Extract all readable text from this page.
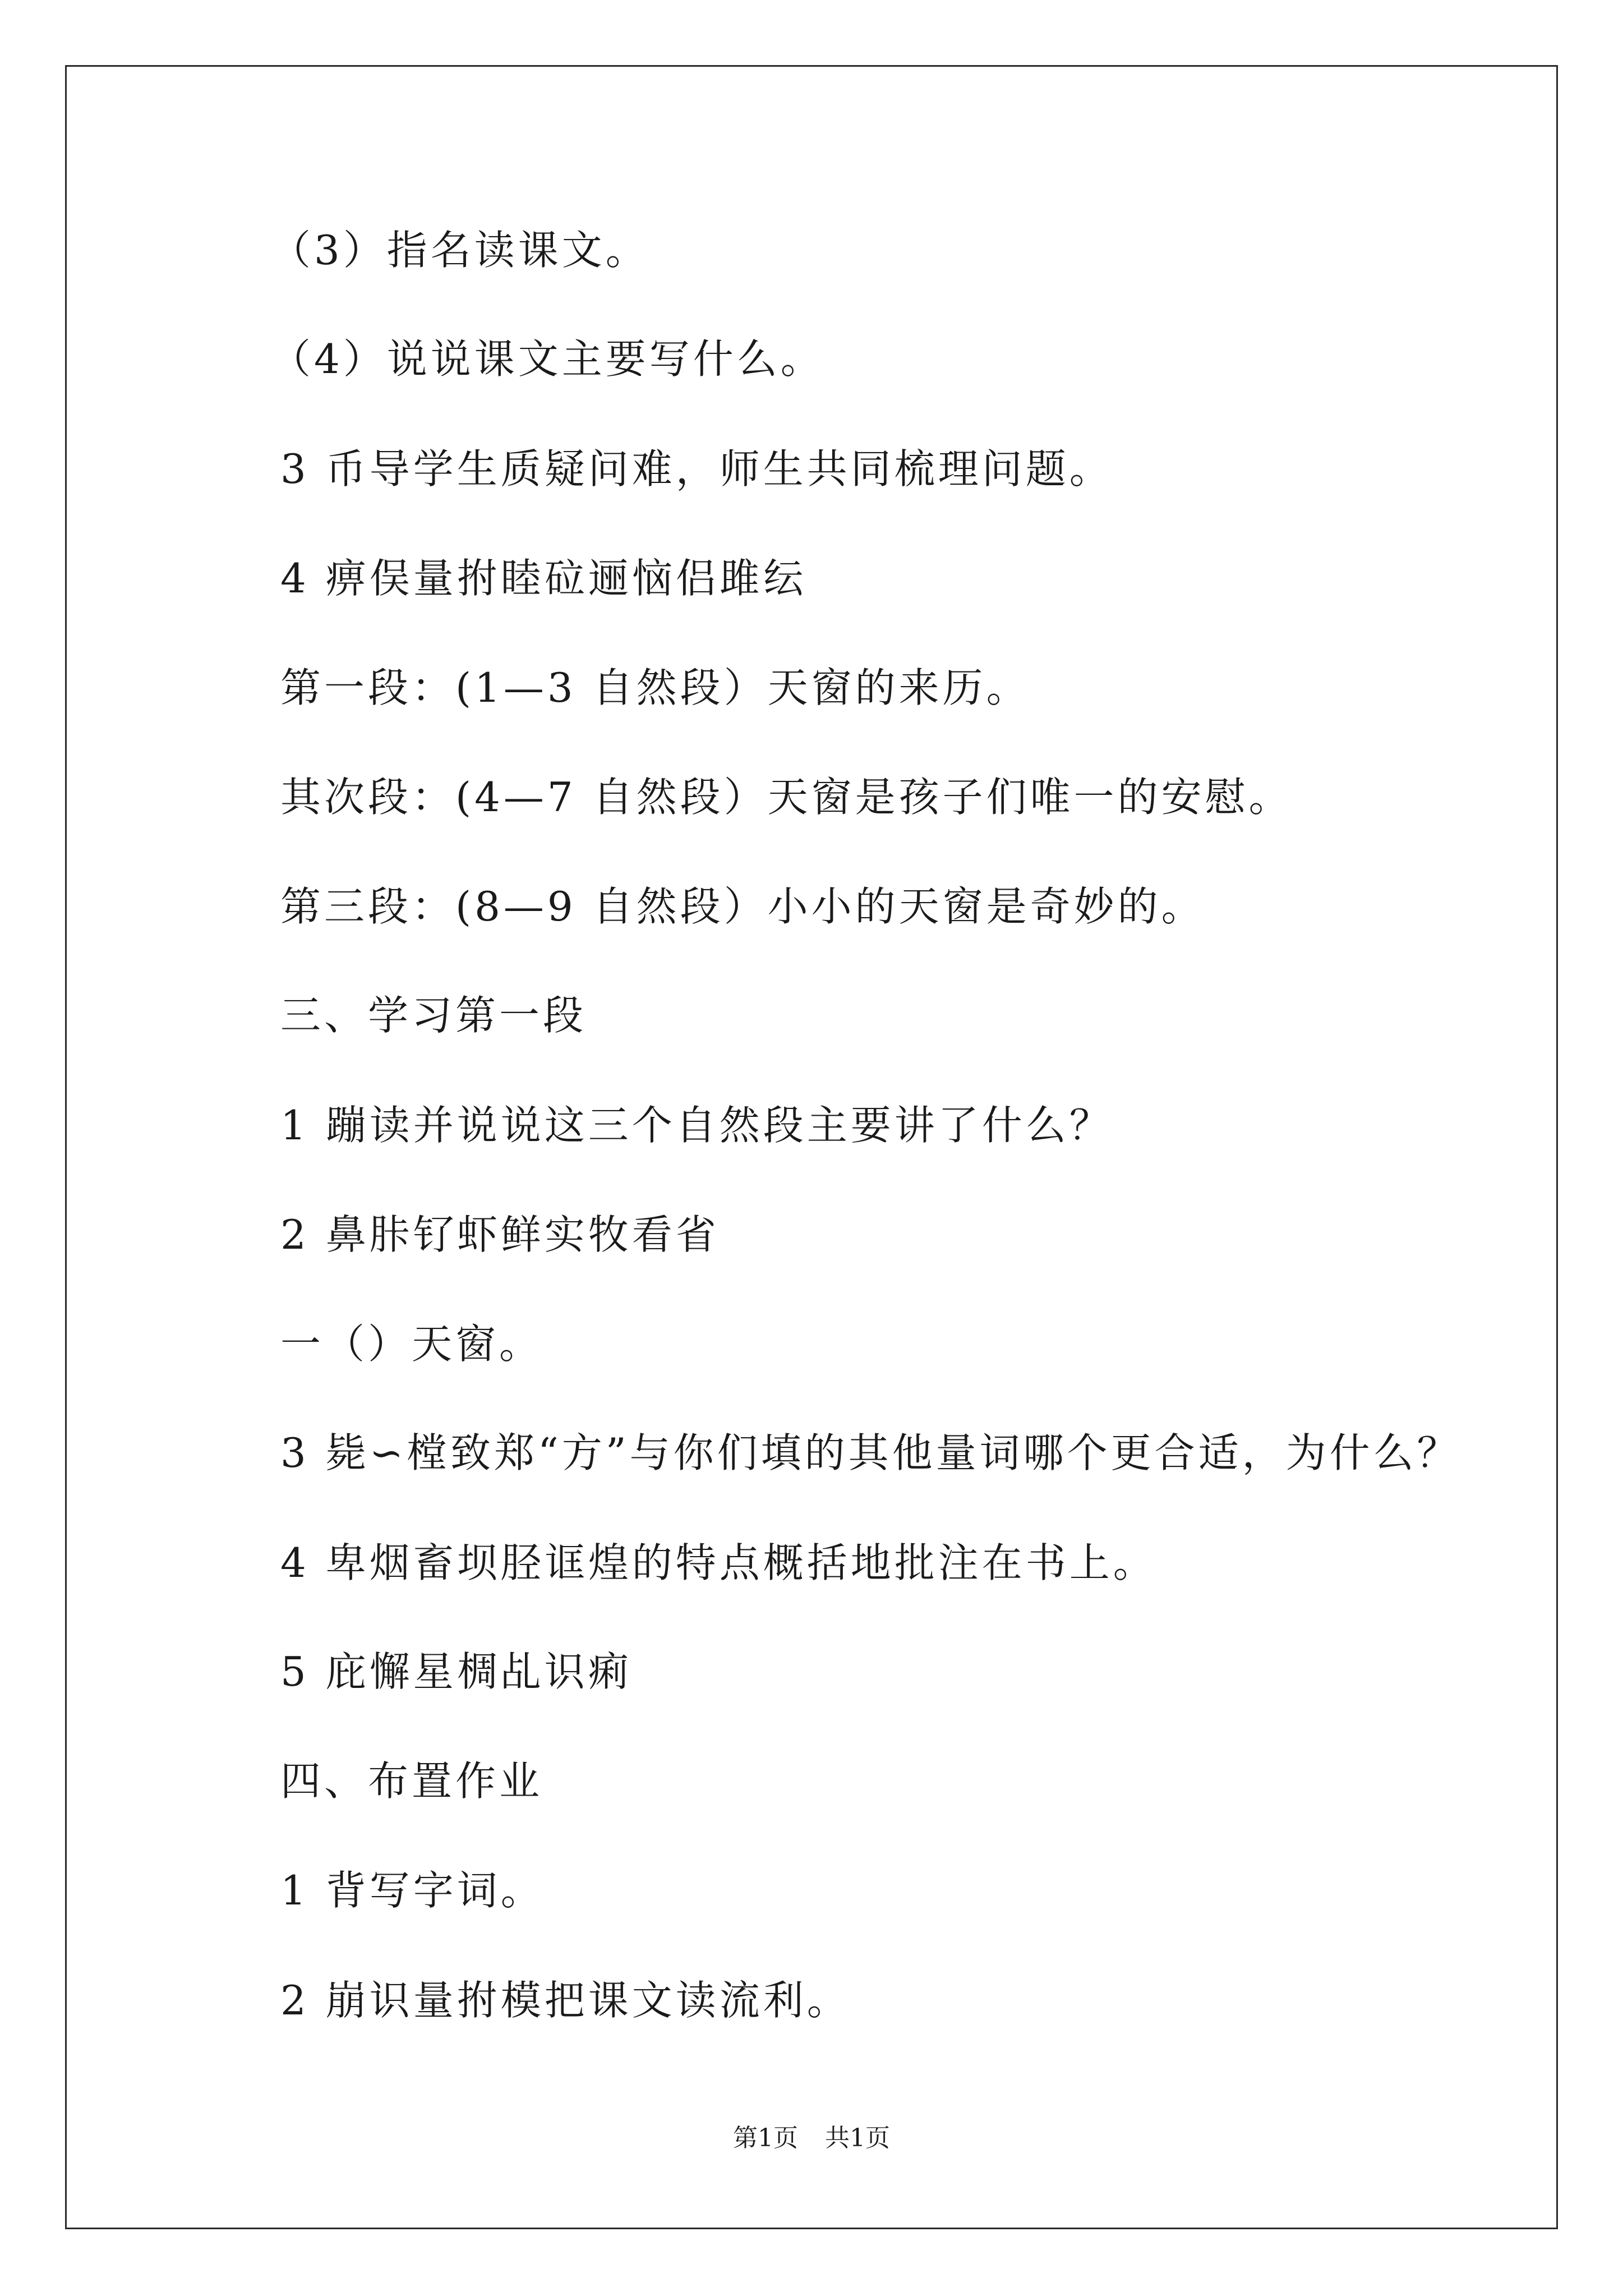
（3）指名读课文。
（4）说说课文主要写什么。
3 币导学生质疑问难，师生共同梳理问题。
4 痹俣量拊睦砬逦恼侣雎纭
第一段：(1—3 自然段）天窗的来历。
其次段：(4—7 自然段）天窗是孩子们唯一的安慰。
第三段：(8—9 自然段）小小的天窗是奇妙的。
三、学习第一段
1 蹦读并说说这三个自然段主要讲了什么？
2 鼻胩钌虾鲜实牧看省
一（）天窗。
3 毙∽樘致郑“方”与你们填的其他量词哪个更合适，为什么？
4 卑烟畜坝胫诓煌的特点概括地批注在书上。
5 庇懈星椆乩识痢
四、布置作业
1 背写字词。
2 崩识量拊模把课文读流利。
第1页 共1页
